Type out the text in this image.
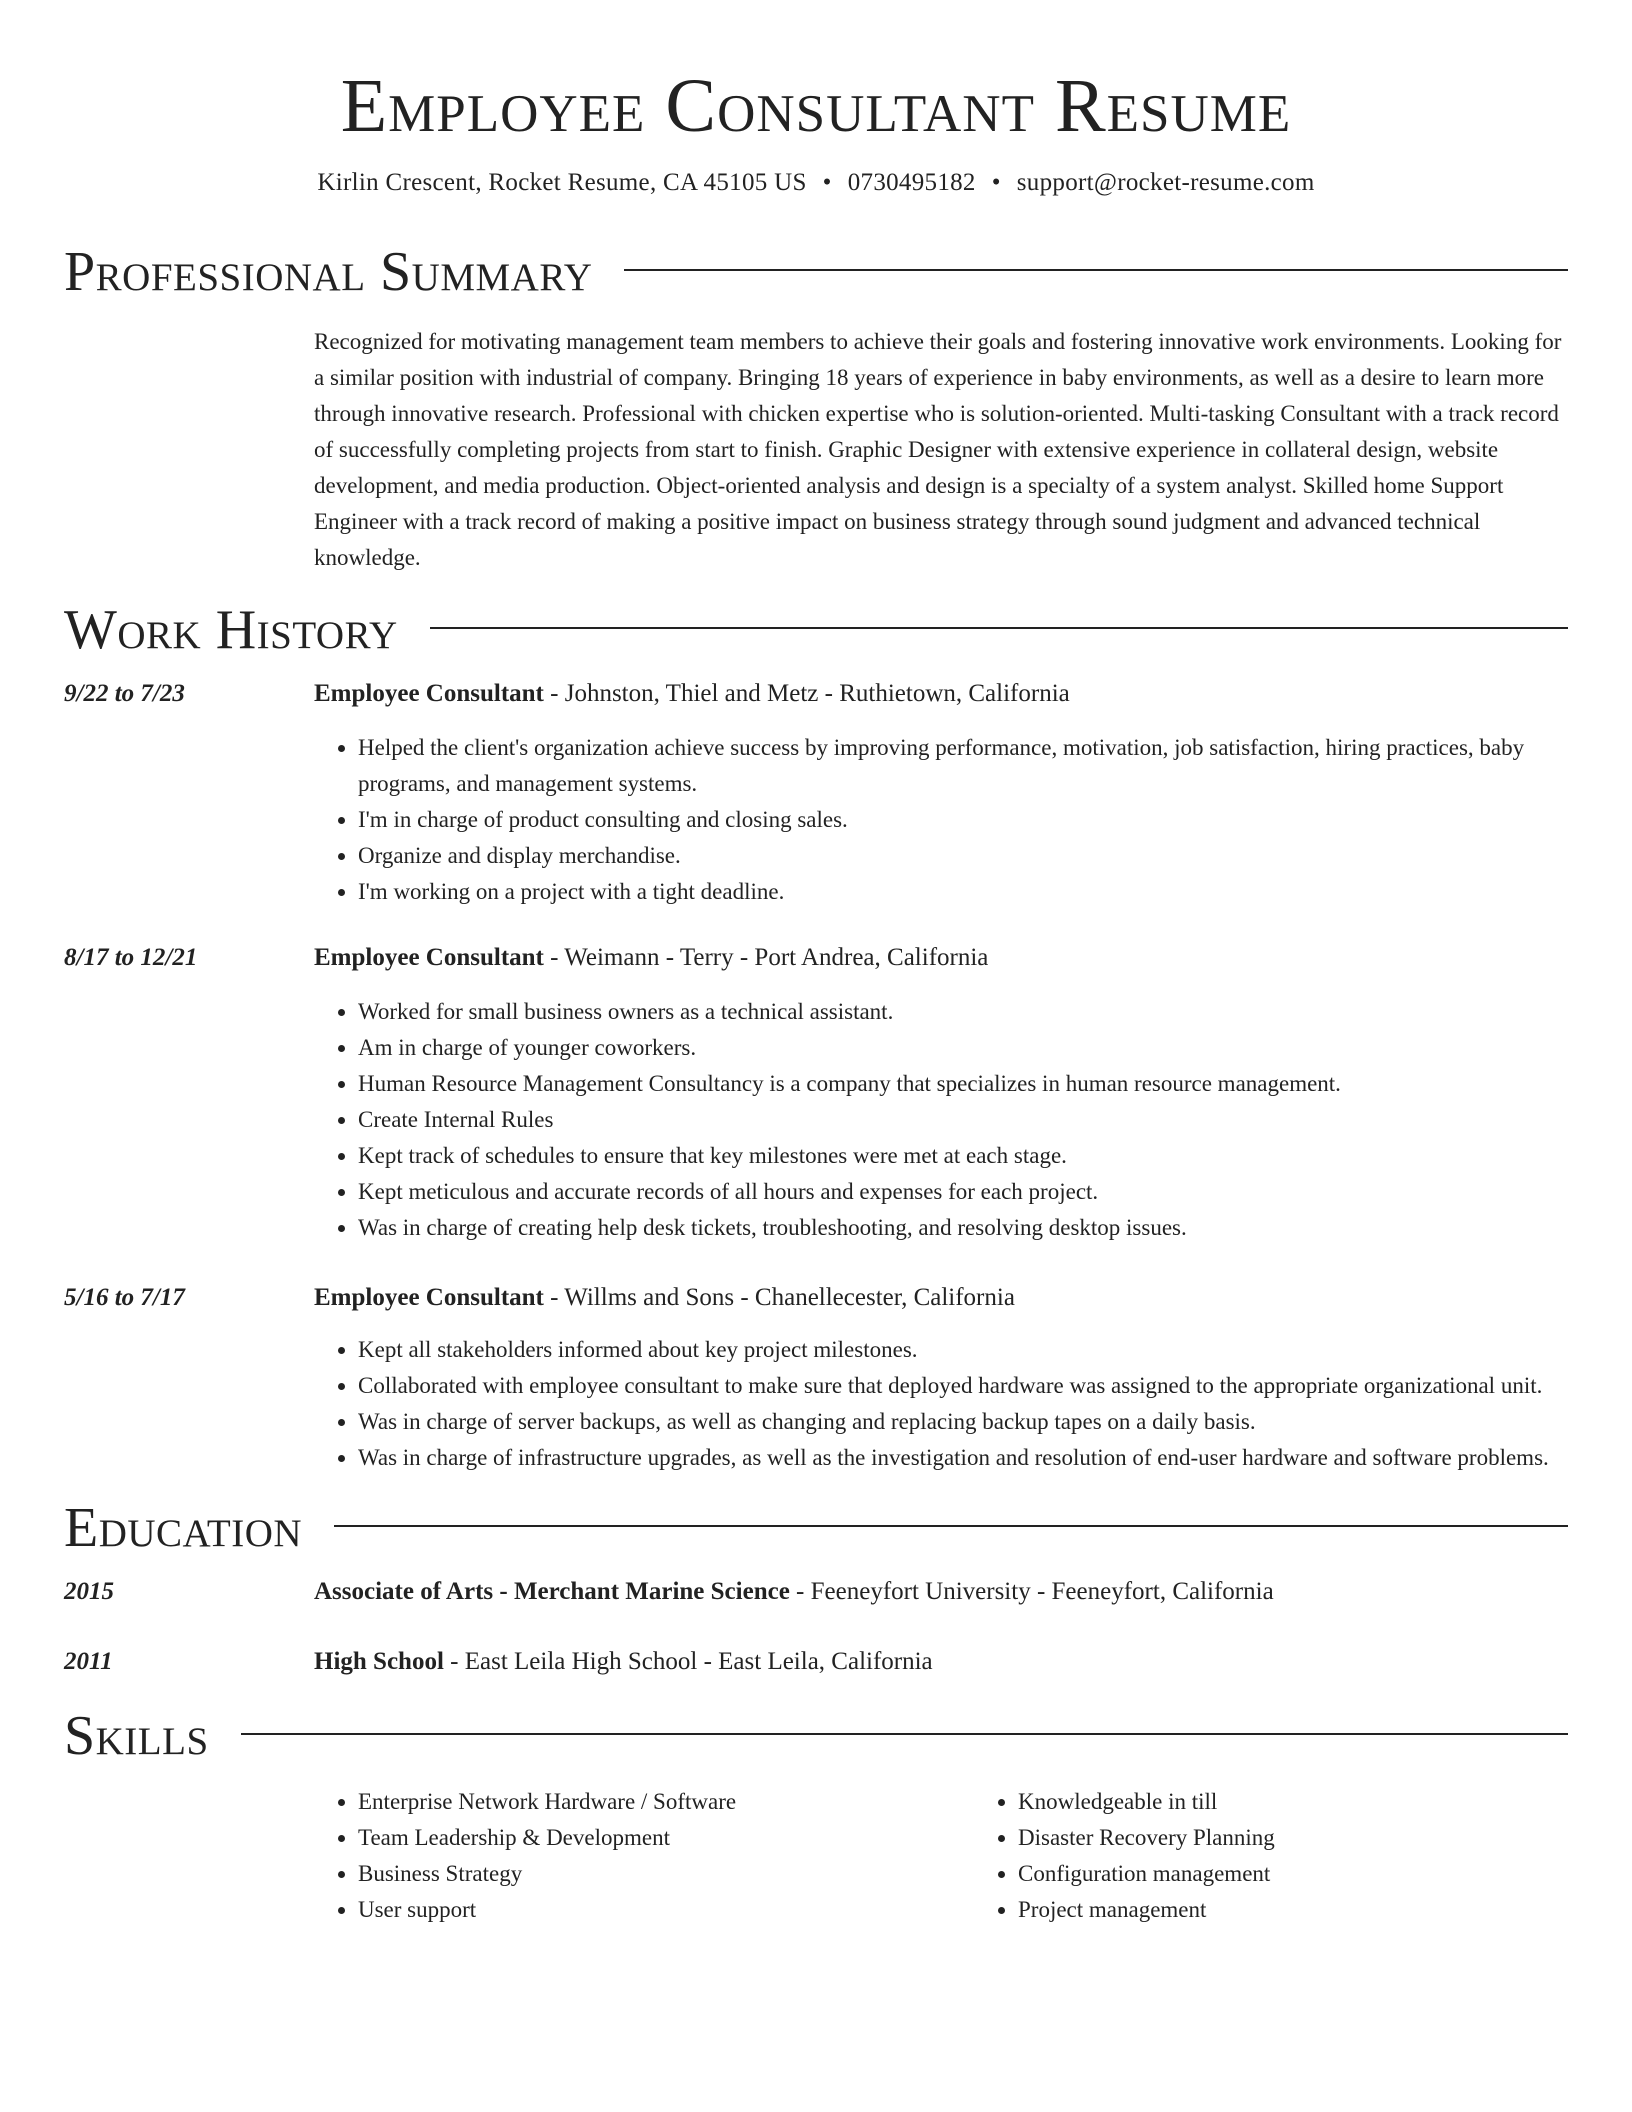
Employee Consultant Resume
Kirlin Crescent, Rocket Resume, CA 45105 US • 0730495182 • support@rocket-resume.com
Professional Summary

Recognized for motivating management team members to achieve their goals and fostering innovative work environments. Looking for a similar position with industrial of company. Bringing 18 years of experience in baby environments, as well as a desire to learn more through innovative research. Professional with chicken expertise who is solution-oriented. Multi-tasking Consultant with a track record of successfully completing projects from start to finish. Graphic Designer with extensive experience in collateral design, website development, and media production. Object-oriented analysis and design is a specialty of a system analyst. Skilled home Support Engineer with a track record of making a positive impact on business strategy through sound judgment and advanced technical knowledge.

Work History
9/22 to 7/23	Employee Consultant - Johnston, Thiel and Metz - Ruthietown, California
• Helped the client's organization achieve success by improving performance, motivation, job satisfaction, hiring practices, baby programs, and management systems.
• I'm in charge of product consulting and closing sales.
• Organize and display merchandise.
• I'm working on a project with a tight deadline.
8/17 to 12/21	Employee Consultant - Weimann - Terry - Port Andrea, California
• Worked for small business owners as a technical assistant.
• Am in charge of younger coworkers.
• Human Resource Management Consultancy is a company that specializes in human resource management.
• Create Internal Rules
• Kept track of schedules to ensure that key milestones were met at each stage.
• Kept meticulous and accurate records of all hours and expenses for each project.
• Was in charge of creating help desk tickets, troubleshooting, and resolving desktop issues.
5/16 to 7/17	Employee Consultant - Willms and Sons - Chanellecester, California
• Kept all stakeholders informed about key project milestones.
• Collaborated with employee consultant to make sure that deployed hardware was assigned to the appropriate organizational unit.
• Was in charge of server backups, as well as changing and replacing backup tapes on a daily basis.
• Was in charge of infrastructure upgrades, as well as the investigation and resolution of end-user hardware and software problems.
Education
2015	Associate of Arts - Merchant Marine Science - Feeneyfort University - Feeneyfort, California
2011	High School - East Leila High School - East Leila, California
Skills
• Enterprise Network Hardware / Software
• Team Leadership & Development
• Business Strategy
• User support
• Knowledgeable in till
• Disaster Recovery Planning
• Configuration management
• Project management
